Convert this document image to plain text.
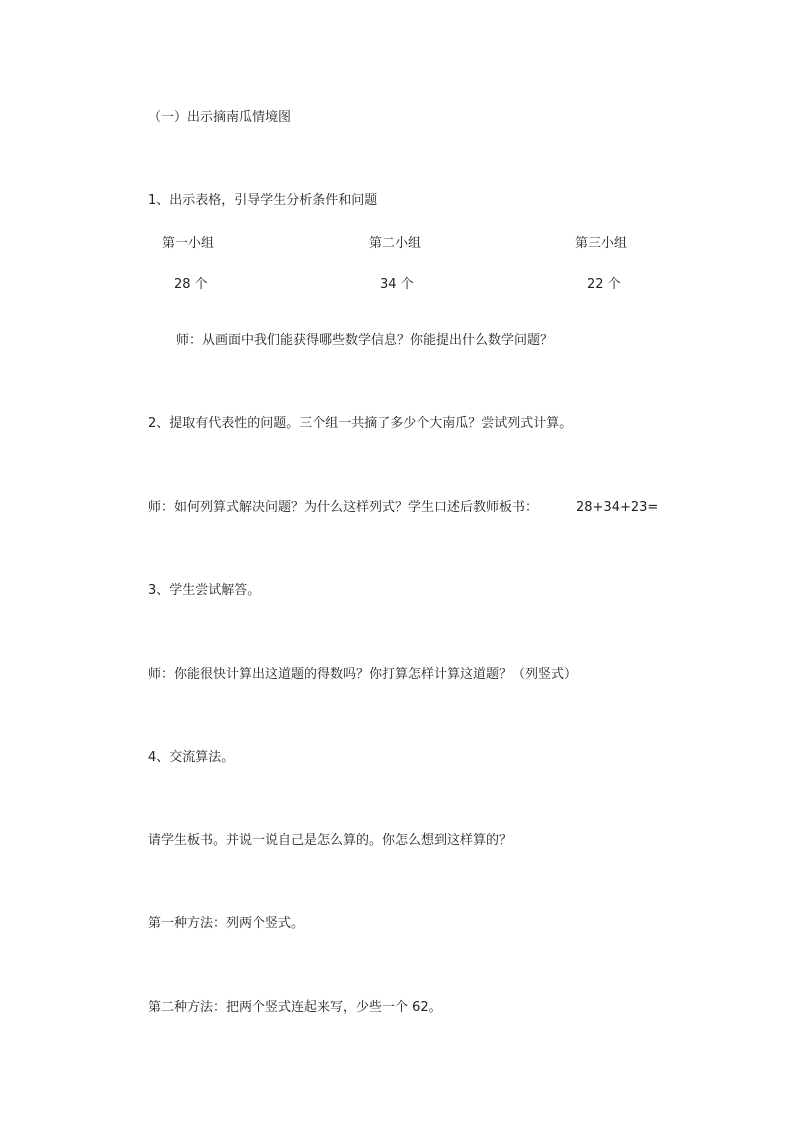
（一）出示摘南瓜情境图
1、出示表格，引导学生分析条件和问题
第一小组	第二小组	第三小组
28 个	34 个	22 个
师：从画面中我们能获得哪些数学信息？你能提出什么数学问题？
2、提取有代表性的问题。三个组一共摘了多少个大南瓜？尝试列式计算。
师：如何列算式解决问题？为什么这样列式？学生口述后教师板书：	28+34+23=
3、学生尝试解答。
师：你能很快计算出这道题的得数吗？你打算怎样计算这道题？（列竖式）
4、交流算法。
请学生板书。并说一说自己是怎么算的。你怎么想到这样算的？
第一种方法：列两个竖式。
第二种方法：把两个竖式连起来写，少些一个 62。
